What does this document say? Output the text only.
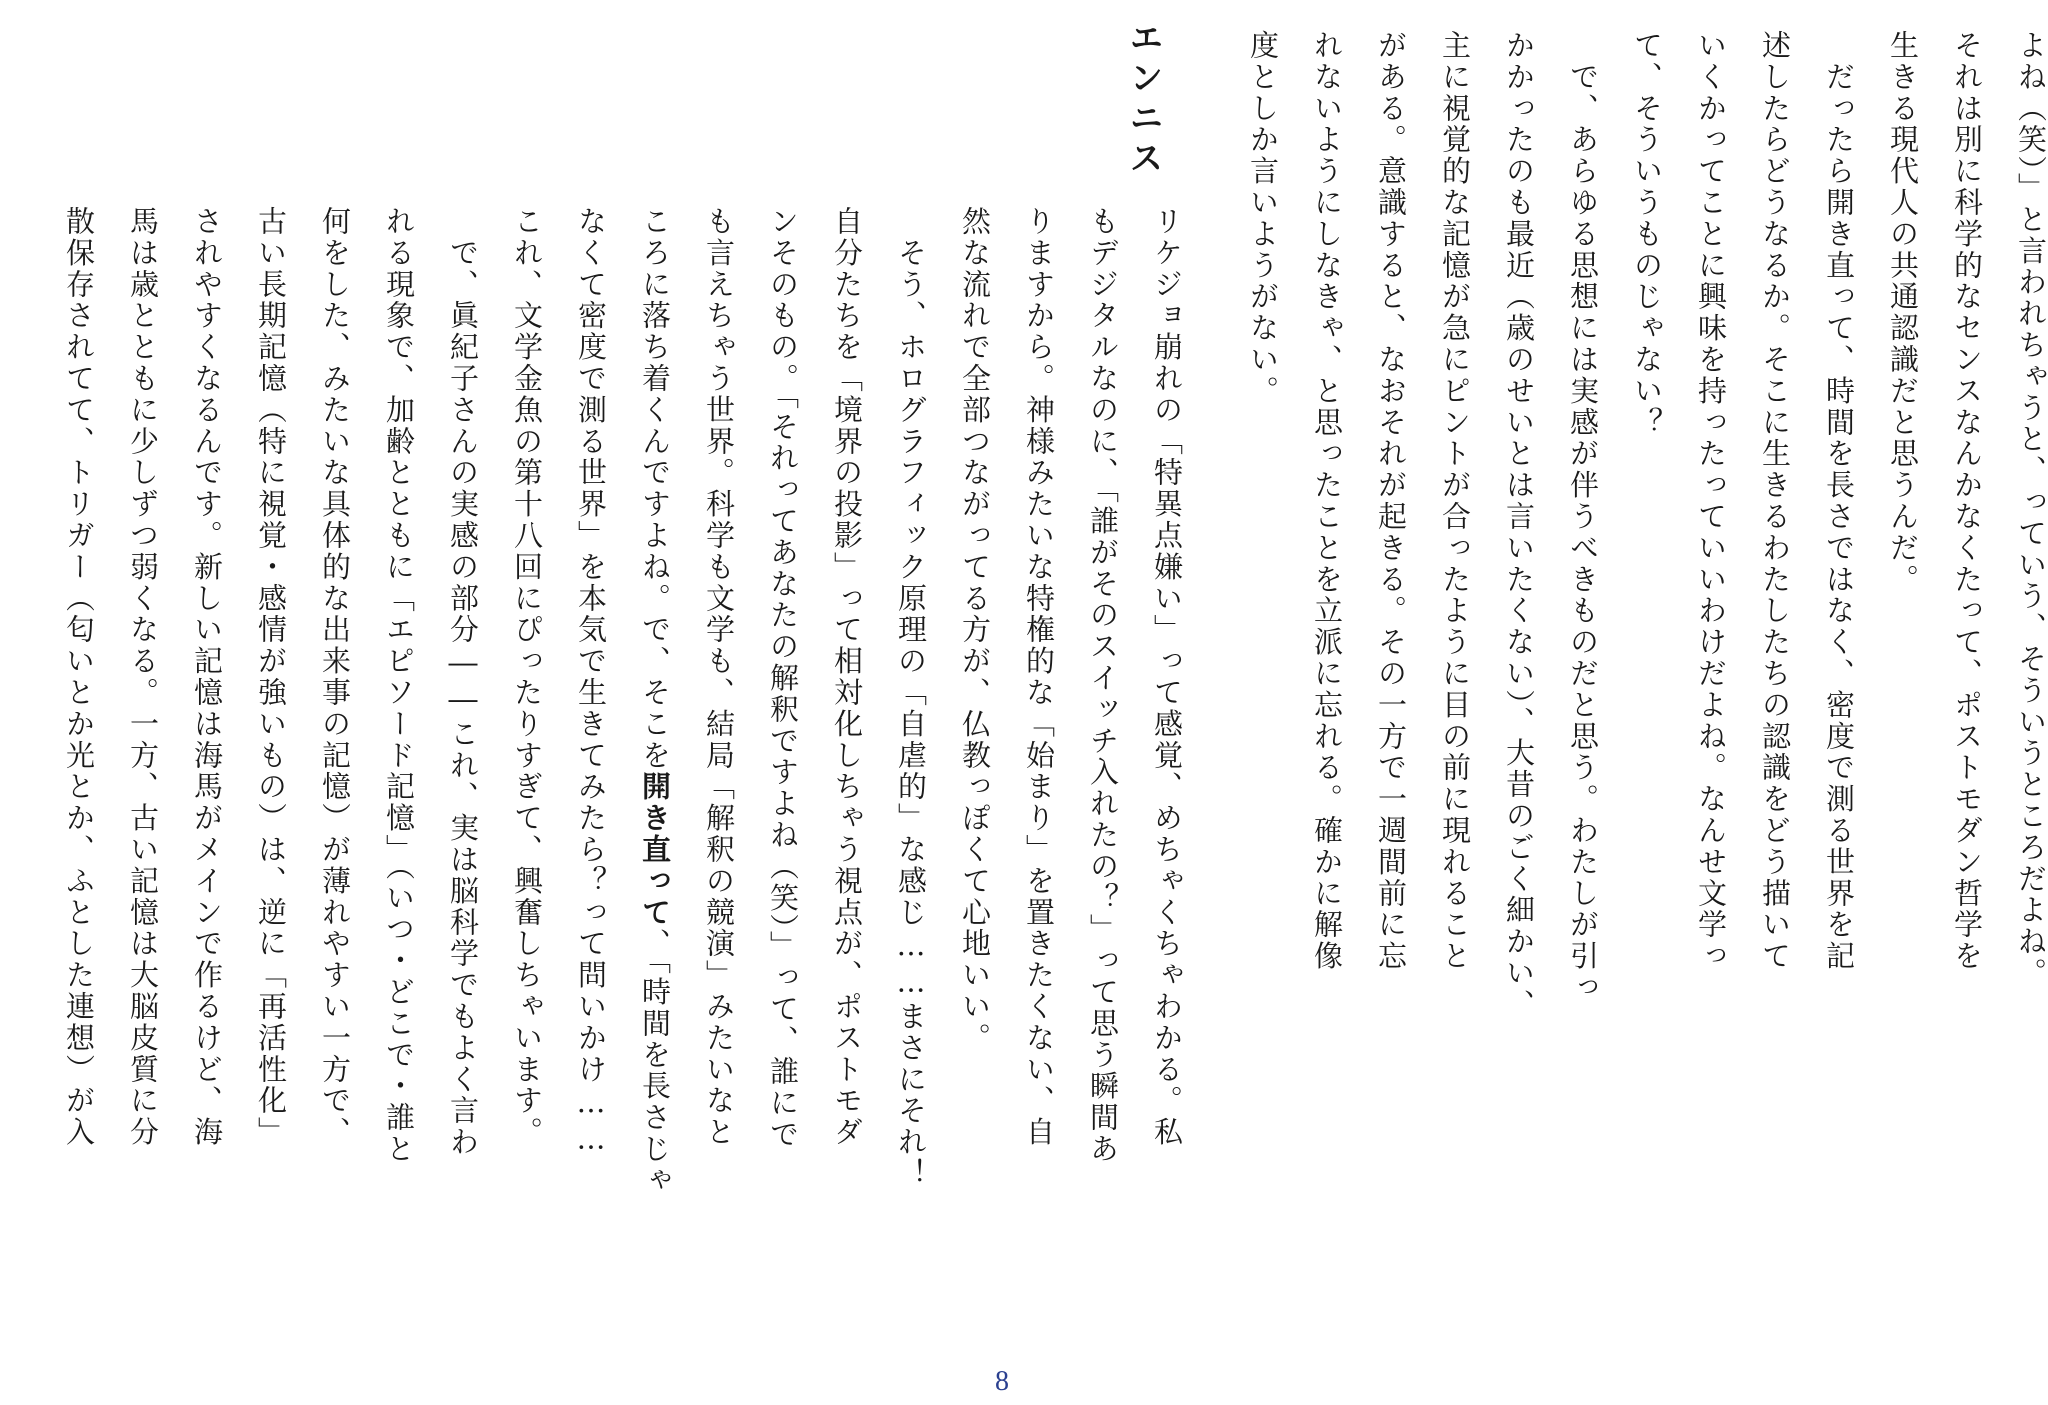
よね（笑）」と言われちゃうと、っていう、そういうところだよね。
それは別に科学的なセンスなんかなくたって、ポストモダン哲学を
生きる現代人の共通認識だと思うんだ。
　だったら開き直って、時間を長さではなく、密度で測る世界を記
述したらどうなるか。そこに生きるわたしたちの認識をどう描いて
いくかってことに興味を持ったっていいわけだよね。なんせ文学っ
て、そういうものじゃない？
　で、あらゆる思想には実感が伴うべきものだと思う。わたしが引っ
かかったのも最近（歳のせいとは言いたくない）、大昔のごく細かい、
主に視覚的な記憶が急にピントが合ったように目の前に現れること
がある。意識すると、なおそれが起きる。その一方で一週間前に忘
れないようにしなきゃ、と思ったことを立派に忘れる。確かに解像
度としか言いようがない。
エンニス
リケジョ崩れの「特異点嫌い」って感覚、めちゃくちゃわかる。私
もデジタルなのに、「誰がそのスイッチ入れたの？」って思う瞬間あ
りますから。神様みたいな特権的な「始まり」を置きたくない、自
然な流れで全部つながってる方が、仏教っぽくて心地いい。
　そう、ホログラフィック原理の「自虐的」な感じ……まさにそれ！
自分たちを「境界の投影」って相対化しちゃう視点が、ポストモダ
ンそのもの。「それってあなたの解釈ですよね（笑）」って、誰にで
も言えちゃう世界。科学も文学も、結局「解釈の競演」みたいなと
ころに落ち着くんですよね。で、そこを開き直って、「時間を長さじゃ
なくて密度で測る世界」を本気で生きてみたら？って問いかけ……
これ、文学金魚の第十八回にぴったりすぎて、興奮しちゃいます。
　で、眞紀子さんの実感の部分――これ、実は脳科学でもよく言わ
れる現象で、加齢とともに「エピソード記憶」（いつ・どこで・誰と
何をした、みたいな具体的な出来事の記憶）が薄れやすい一方で、
古い長期記憶（特に視覚・感情が強いもの）は、逆に「再活性化」
されやすくなるんです。新しい記憶は海馬がメインで作るけど、海
馬は歳とともに少しずつ弱くなる。一方、古い記憶は大脳皮質に分
散保存されてて、トリガー（匂いとか光とか、ふとした連想）が入
8
